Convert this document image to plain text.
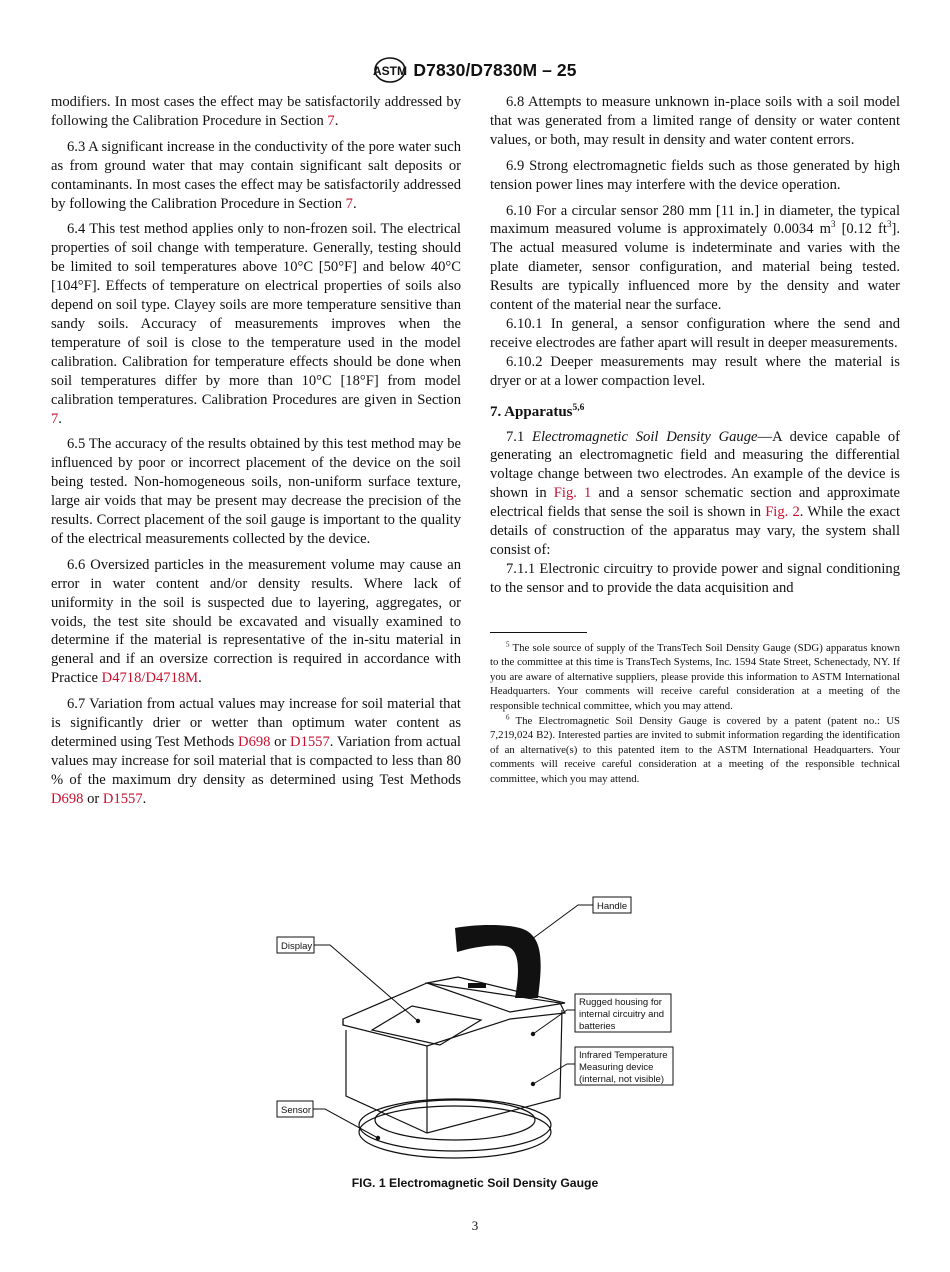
ASTM D7830/D7830M – 25

modifiers. In most cases the effect may be satisfactorily addressed by following the Calibration Procedure in Section 7.

6.3 A significant increase in the conductivity of the pore water such as from ground water that may contain significant salt deposits or contaminants. In most cases the effect may be satisfactorily addressed by following the Calibration Procedure in Section 7.

6.4 This test method applies only to non-frozen soil. The electrical properties of soil change with temperature. Generally, testing should be limited to soil temperatures above 10°C [50°F] and below 40°C [104°F]. Effects of temperature on electrical properties of soils also depend on soil type. Clayey soils are more temperature sensitive than sandy soils. Accuracy of measurements improves when the temperature of soil is close to the temperature used in the model calibration. Calibration for temperature effects should be done when soil temperatures differ by more than 10°C [18°F] from model calibration temperatures. Calibration Procedures are given in Section 7.

6.5 The accuracy of the results obtained by this test method may be influenced by poor or incorrect placement of the device on the soil being tested. Non-homogeneous soils, non-uniform surface texture, large air voids that may be present may decrease the precision of the results. Correct placement of the soil gauge is important to the quality of the electrical measurements collected by the device.

6.6 Oversized particles in the measurement volume may cause an error in water content and/or density results. Where lack of uniformity in the soil is suspected due to layering, aggregates, or voids, the test site should be excavated and visually examined to determine if the material is representative of the in-situ material in general and if an oversize correction is required in accordance with Practice D4718/D4718M.

6.7 Variation from actual values may increase for soil material that is significantly drier or wetter than optimum water content as determined using Test Methods D698 or D1557. Variation from actual values may increase for soil material that is compacted to less than 80 % of the maximum dry density as determined using Test Methods D698 or D1557.

6.8 Attempts to measure unknown in-place soils with a soil model that was generated from a limited range of density or water content values, or both, may result in density and water content errors.

6.9 Strong electromagnetic fields such as those generated by high tension power lines may interfere with the device operation.

6.10 For a circular sensor 280 mm [11 in.] in diameter, the typical maximum measured volume is approximately 0.0034 $m^3$ [0.12 $ft^3$]. The actual measured volume is indeterminate and varies with the plate diameter, sensor configuration, and material being tested. Results are typically influenced more by the density and water content of the material near the surface.

6.10.1 In general, a sensor configuration where the send and receive electrodes are father apart will result in deeper measurements.

6.10.2 Deeper measurements may result where the material is dryer or at a lower compaction level.

7. Apparatus$^{5,6}$

7.1 Electromagnetic Soil Density Gauge—A device capable of generating an electromagnetic field and measuring the differential voltage change between two electrodes. An example of the device is shown in Fig. 1 and a sensor schematic section and approximate electrical fields that sense the soil is shown in Fig. 2. While the exact details of construction of the apparatus may vary, the system shall consist of:

7.1.1 Electronic circuitry to provide power and signal conditioning to the sensor and to provide the data acquisition and

$^5$ The sole source of supply of the TransTech Soil Density Gauge (SDG) apparatus known to the committee at this time is TransTech Systems, Inc. 1594 State Street, Schenectady, NY. If you are aware of alternative suppliers, please provide this information to ASTM International Headquarters. Your comments will receive careful consideration at a meeting of the responsible technical committee, which you may attend.

$^6$ The Electromagnetic Soil Density Gauge is covered by a patent (patent no.: US 7,219,024 B2). Interested parties are invited to submit information regarding the identification of an alternative(s) to this patented item to the ASTM International Headquarters. Your comments will receive careful consideration at a meeting of the responsible technical committee, which you may attend.

Handle
Display
Rugged housing for
internal circuitry and
batteries
Infrared Temperature
Measuring device
(internal, not visible)
Sensor
FIG. 1 Electromagnetic Soil Density Gauge
3
